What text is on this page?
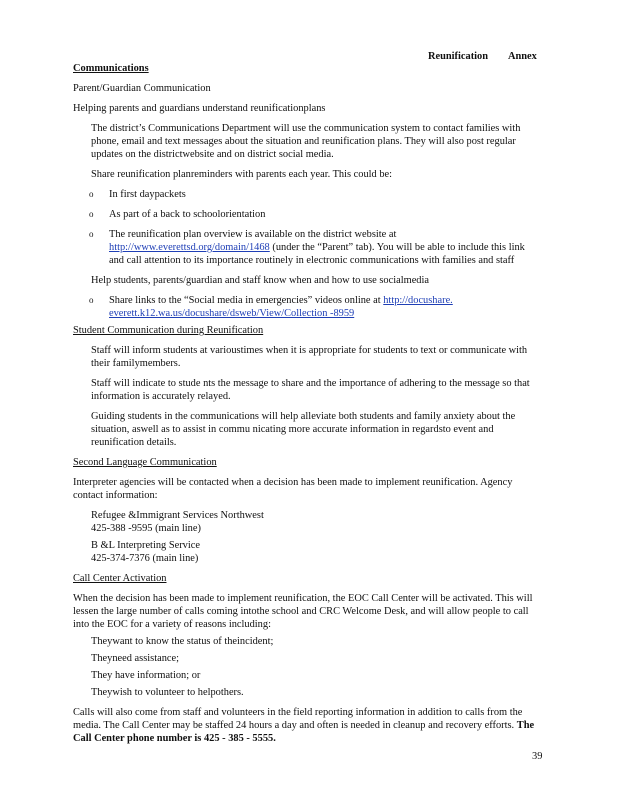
Reunification Annex

Communications

Parent/Guardian Communication

Helping parents and guardians understand reunificationplans

The district’s Communications Department will use the communication system to contact families with phone, email and text messages about the situation and reunification plans. They will also post regular updates on the districtwebsite and on district social media.
Share reunification planreminders with parents each year. This could be:
o In first daypackets
o As part of a back to schoolorientation
o The reunification plan overview is available on the district website at http://www.everettsd.org/domain/1468 (under the “Parent” tab). You will be able to include this link and call attention to its importance routinely in electronic communications with families and staff
Help students, parents/guardian and staff know when and how to use socialmedia
o Share links to the “Social media in emergencies” videos online at http://docushare. everett.k12.wa.us/docushare/dsweb/View/Collection -8959

Student Communication during Reunification

Staff will inform students at varioustimes when it is appropriate for students to text or communicate with their familymembers.
Staff will indicate to stude nts the message to share and the importance of adhering to the message so that information is accurately relayed.
Guiding students in the communications will help alleviate both students and family anxiety about the situation, aswell as to assist in commu nicating more accurate information in regardsto event and reunification details.

Second Language Communication

Interpreter agencies will be contacted when a decision has been made to implement reunification. Agency contact information:

Refugee &Immigrant Services Northwest
425-388 -9595 (main line)
B &L Interpreting Service
425-374-7376 (main line)

Call Center Activation

When the decision has been made to implement reunification, the EOC Call Center will be activated. This will lessen the large number of calls coming intothe school and CRC Welcome Desk, and will allow people to call into the EOC for a variety of reasons including:

Theywant to know the status of theincident;
Theyneed assistance;
They have information; or
Theywish to volunteer to helpothers.

Calls will also come from staff and volunteers in the field reporting information in addition to calls from the media. The Call Center may be staffed 24 hours a day and often is needed in cleanup and recovery efforts. The Call Center phone number is 425 - 385 - 5555.

39
